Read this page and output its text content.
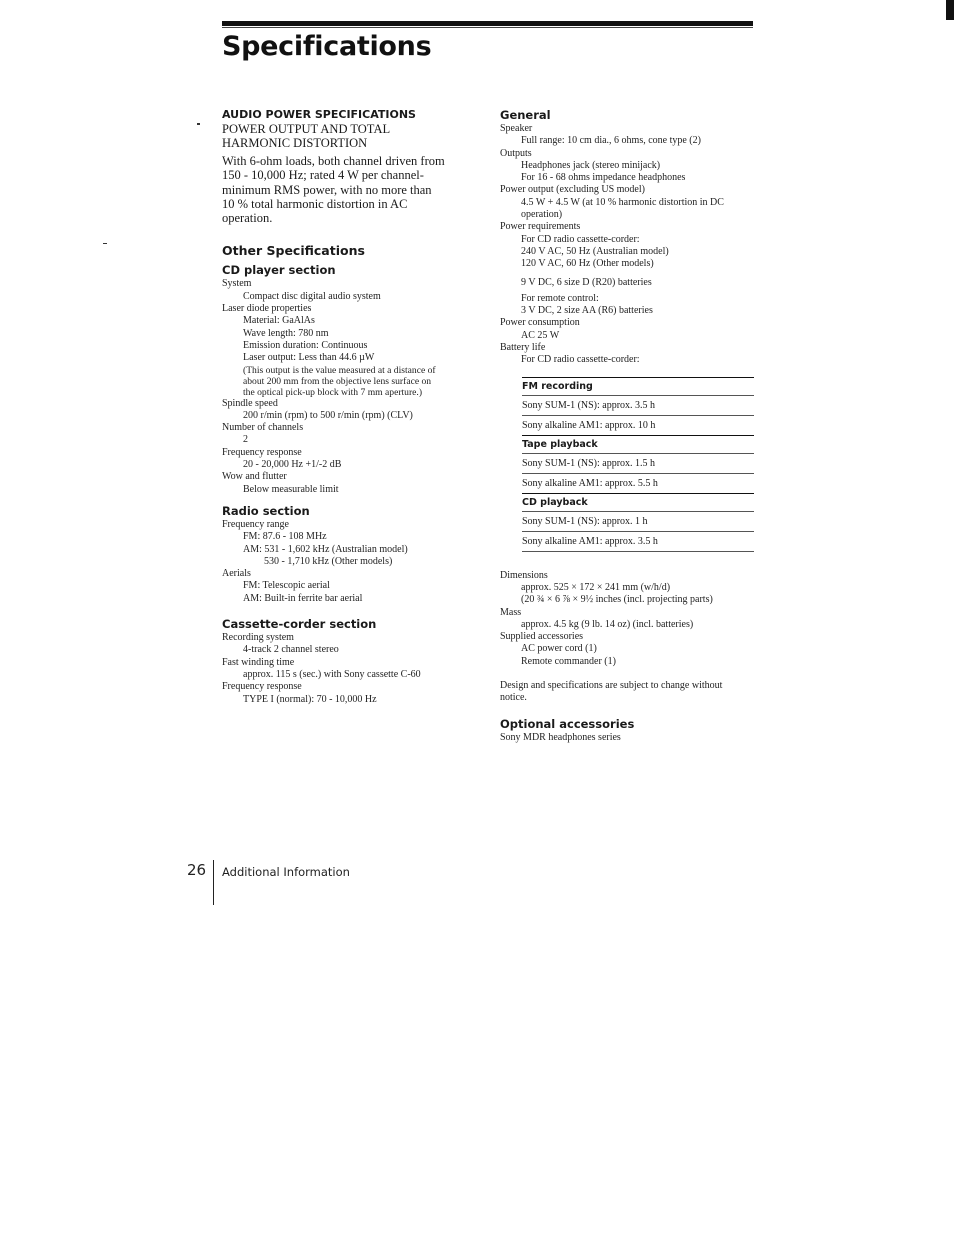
Specifications

AUDIO POWER SPECIFICATIONS

POWER OUTPUT AND TOTAL

HARMONIC DISTORTION

With 6-ohm loads, both channel driven from

150 - 10,000 Hz; rated 4 W per channel-

minimum RMS power, with no more than

10 % total harmonic distortion in AC

operation.

Other Specifications

CD player section

System

Compact disc digital audio system

Laser diode properties

Material: GaAlAs

Wave length: 780 nm

Emission duration: Continuous

Laser output: Less than 44.6 µW

(This output is the value measured at a distance of

about 200 mm from the objective lens surface on

the optical pick-up block with 7 mm aperture.)

Spindle speed

200 r/min (rpm) to 500 r/min (rpm) (CLV)

Number of channels

2

Frequency response

20 - 20,000 Hz +1/-2 dB

Wow and flutter

Below measurable limit

Radio section

Frequency range

FM: 87.6 - 108 MHz

AM: 531 - 1,602 kHz (Australian model)

530 - 1,710 kHz (Other models)

Aerials

FM: Telescopic aerial

AM: Built-in ferrite bar aerial

Cassette-corder section

Recording system

4-track 2 channel stereo

Fast winding time

approx. 115 s (sec.) with Sony cassette C-60

Frequency response

TYPE I (normal): 70 - 10,000 Hz

General

Speaker

Full range: 10 cm dia., 6 ohms, cone type (2)

Outputs

Headphones jack (stereo minijack)

For 16 - 68 ohms impedance headphones

Power output (excluding US model)

4.5 W + 4.5 W (at 10 % harmonic distortion in DC

operation)

Power requirements

For CD radio cassette-corder:

240 V AC, 50 Hz (Australian model)

120 V AC, 60 Hz (Other models)

9 V DC, 6 size D (R20) batteries

For remote control:

3 V DC, 2 size AA (R6) batteries

Power consumption

AC 25 W

Battery life

For CD radio cassette-corder:

FM recording
Sony SUM-1 (NS): approx. 3.5 h
Sony alkaline AM1: approx. 10 h
Tape playback
Sony SUM-1 (NS): approx. 1.5 h
Sony alkaline AM1: approx. 5.5 h
CD playback
Sony SUM-1 (NS): approx. 1 h
Sony alkaline AM1: approx. 3.5 h

Dimensions

approx. 525 × 172 × 241 mm (w/h/d)

(20 ¾ × 6 ⅞ × 9½ inches (incl. projecting parts)

Mass

approx. 4.5 kg (9 lb. 14 oz) (incl. batteries)

Supplied accessories

AC power cord (1)

Remote commander (1)

Design and specifications are subject to change without

notice.

Optional accessories

Sony MDR headphones series

26 Additional Information
